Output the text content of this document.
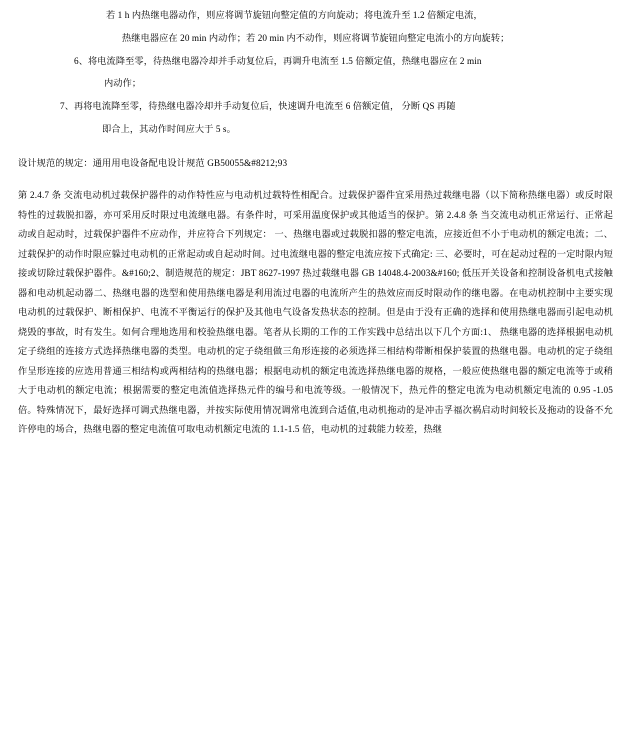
若 1 h 内热继电器动作，则应将调节旋钮向整定值的方向旋动；将电流升至 1.2 倍额定电流，

热继电器应在 20 min 内动作；若 20 min 内不动作，则应将调节旋钮向整定电流小的方向旋转；

6、将电流降至零，待热继电器冷却并手动复位后，再调升电流至 1.5 倍额定值，热继电器应在 2 min

内动作；

7、再将电流降至零，待热继电器冷却并手动复位后，快速调升电流至 6 倍额定值， 分断 QS 再随

即合上，其动作时间应大于 5 s。

设计规范的规定：通用用电设备配电设计规范 GB50055&#8212;93

第 2.4.7 条 交流电动机过载保护器件的动作特性应与电动机过载特性相配合。过载保护器件宜采用热过载继电器（以下简称热继电器）或反时限特性的过载脱扣器，亦可采用反时限过电流继电器。有条件时，可采用温度保护或其他适当的保护。第 2.4.8 条 当交流电动机正常运行、正常起动或自起动时，过载保护器件不应动作，并应符合下列规定： 一、热继电器或过载脱扣器的整定电流，应接近但不小于电动机的额定电流；二、过载保护的动作时限应躲过电动机的正常起动或自起动时间。过电流继电器的整定电流应按下式确定: 三、必要时，可在起动过程的一定时限内短接或切除过载保护器件。&#160;2、制造规范的规定：JBT 8627-1997 热过载继电器 GB 14048.4-2003&#160; 低压开关设备和控制设备机电式接触器和电动机起动器二、热继电器的选型和使用热继电器是利用流过电器的电流所产生的热效应而反时限动作的继电器。在电动机控制中主要实现电动机的过载保护、断相保护、电流不平衡运行的保护及其他电气设备发热状态的控制。但是由于没有正确的选择和使用热继电器而引起电动机烧毁的事故，时有发生。如何合理地选用和校验热继电器。笔者从长期的工作的工作实践中总结出以下几个方面:1、 热继电器的选择根据电动机定子绕组的连接方式选择热继电器的类型。电动机的定子绕组做三角形连接的必须选择三相结构带断相保护装置的热继电器。电动机的定子绕组作呈形连接的应选用普通三相结构或两相结构的热继电器；根据电动机的额定电流选择热继电器的规格，一般应使热继电器的额定电流等于或稍大于电动机的额定电流；根据需要的整定电流值选择热元件的编号和电流等级。一般情况下，热元件的整定电流为电动机额定电流的 0.95 -1.05 倍。特殊情况下，最好选择可调式热继电器，并按实际使用情况调常电流到合适值,电动机拖动的是冲击孚福次祸启动时间较长及拖动的设备不允许停电的场合，热继电器的整定电流值可取电动机额定电流的 1.1-1.5 倍，电动机的过载能力较差，热继
